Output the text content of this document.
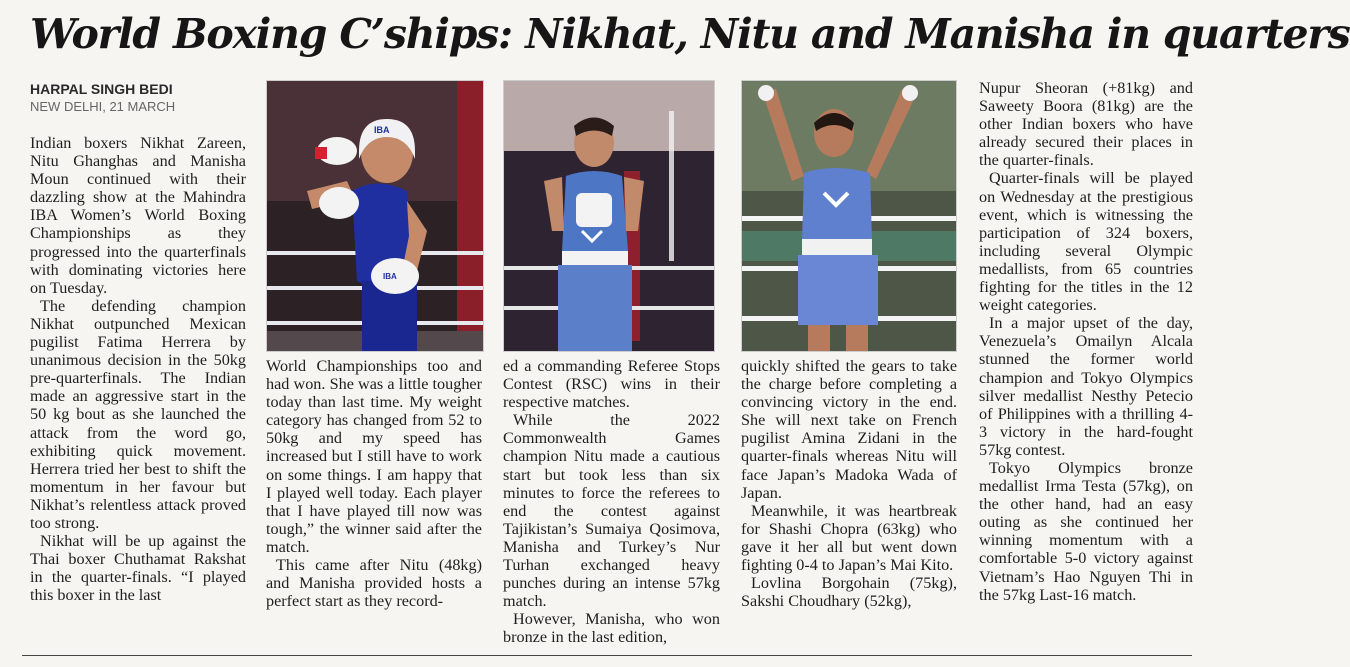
World Boxing C’ships: Nikhat, Nitu and Manisha in quarters
HARPAL SINGH BEDI
NEW DELHI, 21 MARCH

Indian boxers Nikhat Zareen, Nitu Ghanghas and Manisha Moun continued with their dazzling show at the Mahindra IBA Women’s World Boxing Championships as they progressed into the quarterfinals with dominating victories here on Tuesday.

The defending champion Nikhat outpunched Mexican pugilist Fatima Herrera by unanimous decision in the 50kg pre-quarterfinals. The Indian made an aggressive start in the 50 kg bout as she launched the attack from the word go, exhibiting quick movement. Herrera tried her best to shift the momentum in her favour but Nikhat’s relentless attack proved too strong.

Nikhat will be up against the Thai boxer Chuthamat Rakshat in the quarter-finals. “I played this boxer in the last

IBA
IBA

World Championships too and had won. She was a little tougher today than last time. My weight category has changed from 52 to 50kg and my speed has increased but I still have to work on some things. I am happy that I played well today. Each player that I have played till now was tough,” the winner said after the match.

This came after Nitu (48kg) and Manisha provided hosts a perfect start as they record-

ed a commanding Referee Stops Contest (RSC) wins in their respective matches.

While the 2022 Commonwealth Games champion Nitu made a cautious start but took less than six minutes to force the referees to end the contest against Tajikistan’s Sumaiya Qosimova, Manisha and Turkey’s Nur Turhan exchanged heavy punches during an intense 57kg match.

However, Manisha, who won bronze in the last edition,

quickly shifted the gears to take the charge before completing a convincing victory in the end. She will next take on French pugilist Amina Zidani in the quarter-finals whereas Nitu will face Japan’s Madoka Wada of Japan.

Meanwhile, it was heartbreak for Shashi Chopra (63kg) who gave it her all but went down fighting 0-4 to Japan’s Mai Kito.

Lovlina Borgohain (75kg), Sakshi Choudhary (52kg),

Nupur Sheoran (+81kg) and Saweety Boora (81kg) are the other Indian boxers who have already secured their places in the quarter-finals.

Quarter-finals will be played on Wednesday at the prestigious event, which is witnessing the participation of 324 boxers, including several Olympic medallists, from 65 countries fighting for the titles in the 12 weight categories.

In a major upset of the day, Venezuela’s Omailyn Alcala stunned the former world champion and Tokyo Olympics silver medallist Nesthy Petecio of Philippines with a thrilling 4-3 victory in the hard-fought 57kg contest.

Tokyo Olympics bronze medallist Irma Testa (57kg), on the other hand, had an easy outing as she continued her winning momentum with a comfortable 5-0 victory against Vietnam’s Hao Nguyen Thi in the 57kg Last-16 match.
